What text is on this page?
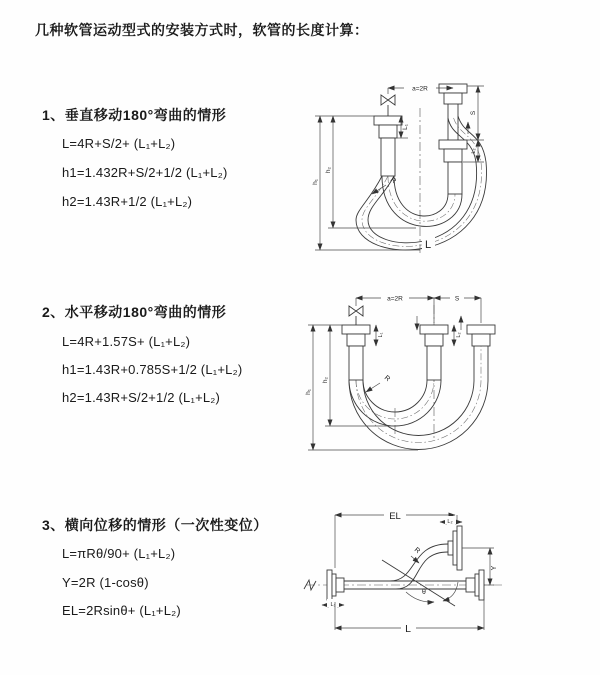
几种软管运动型式的安装方式时，软管的长度计算：
1、垂直移动180°弯曲的情形
L=4R+S/2+ (L₁+L₂)
h1=1.432R+S/2+1/2 (L₁+L₂)
h2=1.43R+1/2 (L₁+L₂)
2、水平移动180°弯曲的情形
L=4R+1.57S+ (L₁+L₂)
h1=1.43R+0.785S+1/2 (L₁+L₂)
h2=1.43R+S/2+1/2 (L₁+L₂)
3、横向位移的情形（一次性变位）
L=πRθ/90+ (L₁+L₂)
Y=2R (1-cosθ)
EL=2Rsinθ+ (L₁+L₂)
a=2R
L₁
S
L₂
h₁
h₂
R
L
a=2R	S
h₁
h₂
L₁	L₂
R
EL	L₂
Y
θ
R
L₁
L
